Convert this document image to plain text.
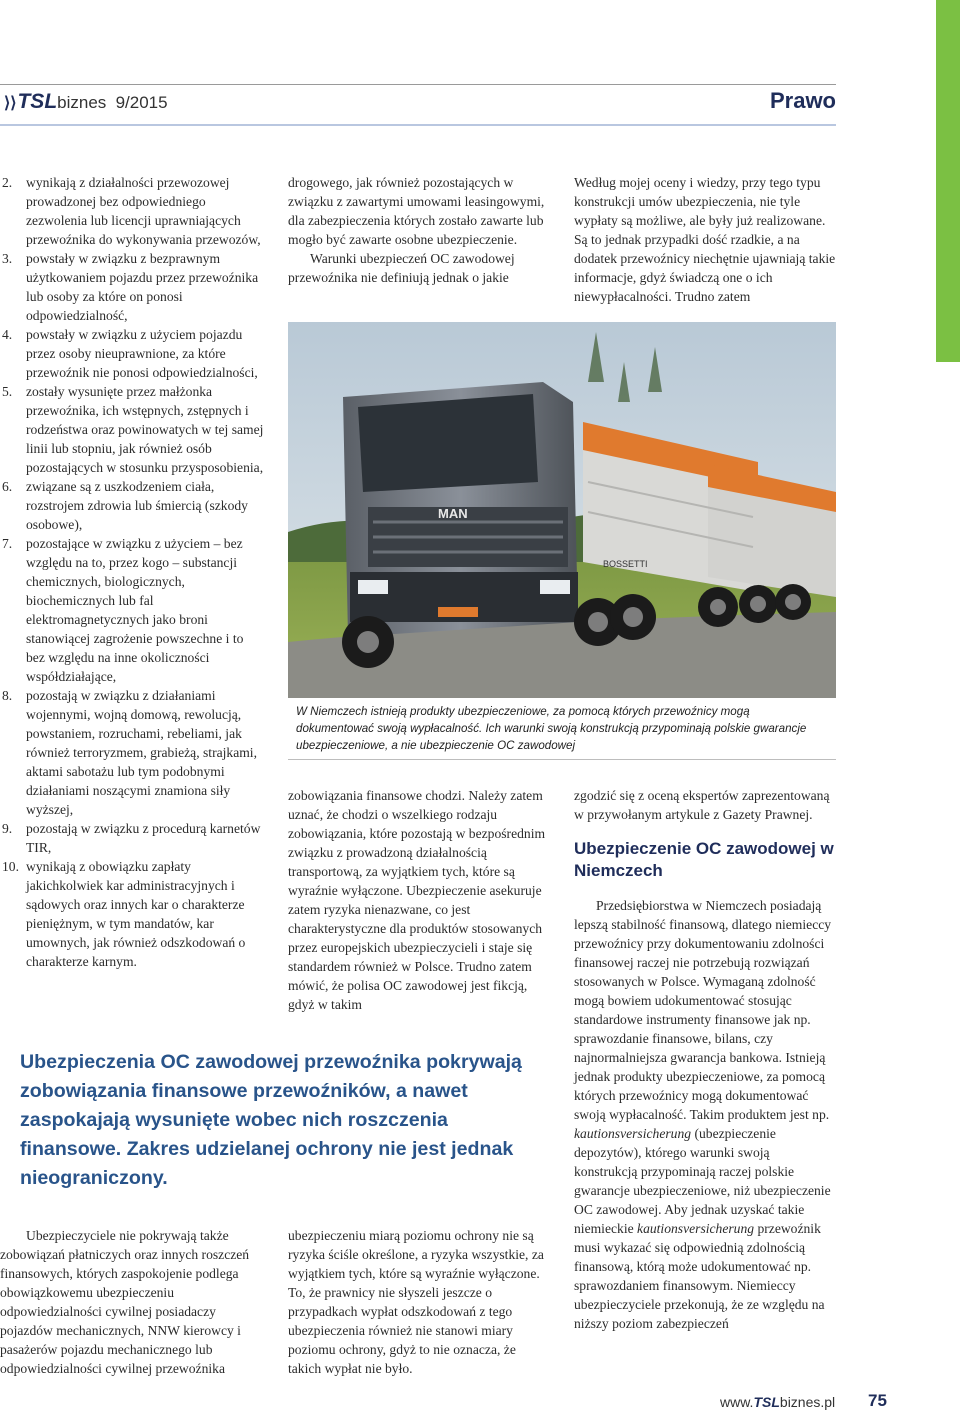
⟩⟩TSLbiznes 9/2015	Prawo
2. wynikają z działalności przewozowej prowadzonej bez odpowiedniego zezwolenia lub licencji uprawniających przewoźnika do wykonywania przewozów,
3. powstały w związku z bezprawnym użytkowaniem pojazdu przez przewoźnika lub osoby za które on ponosi odpowiedzialność,
4. powstały w związku z użyciem pojazdu przez osoby nieuprawnione, za które przewoźnik nie ponosi odpowiedzialności,
5. zostały wysunięte przez małżonka przewoźnika, ich wstępnych, zstępnych i rodzeństwa oraz powinowatych w tej samej linii lub stopniu, jak również osób pozostających w stosunku przysposobienia,
6. związane są z uszkodzeniem ciała, rozstrojem zdrowia lub śmiercią (szkody osobowe),
7. pozostające w związku z użyciem – bez względu na to, przez kogo – substancji chemicznych, biologicznych, biochemicznych lub fal elektromagnetycznych jako broni stanowiącej zagrożenie powszechne i to bez względu na inne okoliczności współdziałające,
8. pozostają w związku z działaniami wojennymi, wojną domową, rewolucją, powstaniem, rozruchami, rebeliami, jak również terroryzmem, grabieżą, strajkami, aktami sabotażu lub tym podobnymi działaniami noszącymi znamiona siły wyższej,
9. pozostają w związku z procedurą karnetów TIR,
10. wynikają z obowiązku zapłaty jakichkolwiek kar administracyjnych i sądowych oraz innych kar o charakterze pieniężnym, w tym mandatów, kar umownych, jak również odszkodowań o charakterze karnym.

drogowego, jak również pozostających w związku z zawartymi umowami leasingowymi, dla zabezpieczenia których zostało zawarte lub mogło być zawarte osobne ubezpieczenie.

Warunki ubezpieczeń OC zawodowej przewoźnika nie definiują jednak o jakie

Według mojej oceny i wiedzy, przy tego typu konstrukcji umów ubezpieczenia, nie tyle wypłaty są możliwe, ale były już realizowane. Są to jednak przypadki dość rzadkie, a na dodatek przewoźnicy niechętnie ujawniają takie informacje, gdyż świadczą one o ich niewypłacalności. Trudno zatem

BOSSETTI
MAN
W Niemczech istnieją produkty ubezpieczeniowe, za pomocą których przewoźnicy mogą dokumentować swoją wypłacalność. Ich warunki swoją konstrukcją przypominają polskie gwarancje ubezpieczeniowe, a nie ubezpieczenie OC zawodowej

zobowiązania finansowe chodzi. Należy zatem uznać, że chodzi o wszelkiego rodzaju zobowiązania, które pozostają w bezpośrednim związku z prowadzoną działalnością transportową, za wyjątkiem tych, które są wyraźnie wyłączone. Ubezpieczenie asekuruje zatem ryzyka nienazwane, co jest charakterystyczne dla produktów stosowanych przez europejskich ubezpieczycieli i staje się standardem również w Polsce. Trudno zatem mówić, że polisa OC zawodowej jest fikcją, gdyż w takim

zgodzić się z oceną ekspertów zaprezentowaną w przywołanym artykule z Gazety Prawnej.

Ubezpieczenie OC zawodowej w Niemczech

Przedsiębiorstwa w Niemczech posiadają lepszą stabilność finansową, dlatego niemieccy przewoźnicy przy dokumentowaniu zdolności finansowej raczej nie potrzebują rozwiązań stosowanych w Polsce. Wymaganą zdolność mogą bowiem udokumentować stosując standardowe instrumenty finansowe jak np. sprawozdanie finansowe, bilans, czy najnormalniejsza gwarancja bankowa. Istnieją jednak produkty ubezpieczeniowe, za pomocą których przewoźnicy mogą dokumentować swoją wypłacalność. Takim produktem jest np. kautionsversicherung (ubezpieczenie depozytów), którego warunki swoją konstrukcją przypominają raczej polskie gwarancje ubezpieczeniowe, niż ubezpieczenie OC zawodowej. Aby jednak uzyskać takie niemieckie kautionsversicherung przewoźnik musi wykazać się odpowiednią zdolnością finansową, którą może udokumentować np. sprawozdaniem finansowym. Niemieccy ubezpieczyciele przekonują, że ze względu na niższy poziom zabezpieczeń

Ubezpieczenia OC zawodowej przewoźnika pokrywają zobowiązania finansowe przewoźników, a nawet zaspokajają wysunięte wobec nich roszczenia finansowe. Zakres udzielanej ochrony nie jest jednak nieograniczony.
Ubezpieczyciele nie pokrywają także zobowiązań płatniczych oraz innych roszczeń finansowych, których zaspokojenie podlega obowiązkowemu ubezpieczeniu odpowiedzialności cywilnej posiadaczy pojazdów mechanicznych, NNW kierowcy i pasażerów pojazdu mechanicznego lub odpowiedzialności cywilnej przewoźnika
ubezpieczeniu miarą poziomu ochrony nie są ryzyka ściśle określone, a ryzyka wszystkie, za wyjątkiem tych, które są wyraźnie wyłączone. To, że prawnicy nie słyszeli jeszcze o przypadkach wypłat odszkodowań z tego ubezpieczenia również nie stanowi miary poziomu ochrony, gdyż to nie oznacza, że takich wypłat nie było.
www.TSLbiznes.pl 75
